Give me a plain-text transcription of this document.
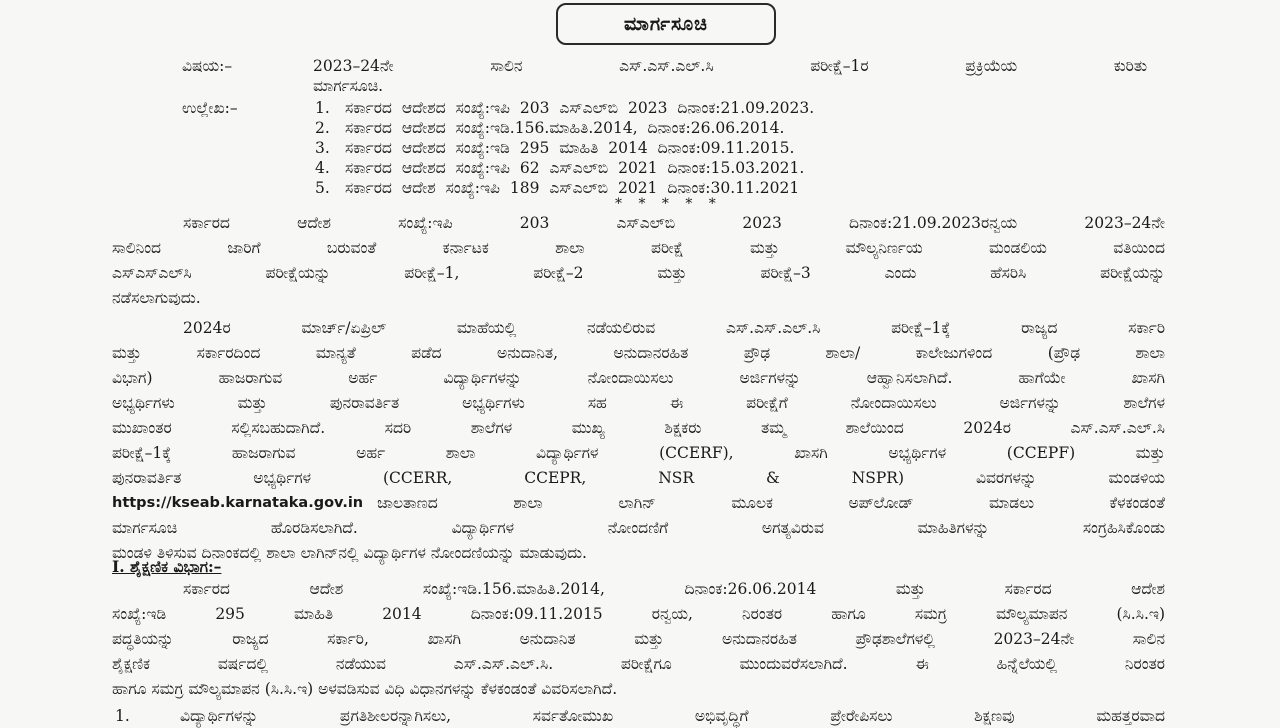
ಮಾರ್ಗಸೂಚಿ
ವಿಷಯ:–	2023–24ನೇ ಸಾಲಿನ ಎಸ್.ಎಸ್.ಎಲ್.ಸಿ ಪರೀಕ್ಷೆ–1ರ ಪ್ರಕ್ರಿಯೆಯ ಕುರಿತು
ಮಾರ್ಗಸೂಚಿ.
ಉಲ್ಲೇಖ:–	1. ಸರ್ಕಾರದ ಆದೇಶದ ಸಂಖ್ಯೆ:ಇಪಿ 203 ಎಸ್‌ಎಲ್‌ಬಿ 2023 ದಿನಾಂಕ:21.09.2023.
2. ಸರ್ಕಾರದ ಆದೇಶದ ಸಂಖ್ಯೆ:ಇಡಿ.156.ಮಾಹಿತಿ.2014, ದಿನಾಂಕ:26.06.2014.
3. ಸರ್ಕಾರದ ಆದೇಶದ ಸಂಖ್ಯೆ:ಇಡಿ 295 ಮಾಹಿತಿ 2014 ದಿನಾಂಕ:09.11.2015.
4. ಸರ್ಕಾರದ ಆದೇಶದ ಸಂಖ್ಯೆ:ಇಪಿ 62 ಎಸ್‌ಎಲ್‌ಬಿ 2021 ದಿನಾಂಕ:15.03.2021.
5. ಸರ್ಕಾರದ ಆದೇಶ ಸಂಖ್ಯೆ:ಇಪಿ 189 ಎಸ್‌ಎಲ್‌ಬಿ 2021 ದಿನಾಂಕ:30.11.2021
* * * * *
ಸರ್ಕಾರದ ಆದೇಶ ಸಂಖ್ಯೆ:ಇಪಿ 203 ಎಸ್‌ಎಲ್‌ಬಿ 2023 ದಿನಾಂಕ:21.09.2023ರನ್ವಯ 2023–24ನೇ
ಸಾಲಿನಿಂದ ಜಾರಿಗೆ ಬರುವಂತೆ ಕರ್ನಾಟಕ ಶಾಲಾ ಪರೀಕ್ಷೆ ಮತ್ತು ಮೌಲ್ಯನಿರ್ಣಯ ಮಂಡಲಿಯ ವತಿಯಿಂದ
ಎಸ್‌ಎಸ್‌ಎಲ್‌ಸಿ ಪರೀಕ್ಷೆಯನ್ನು ಪರೀಕ್ಷೆ–1, ಪರೀಕ್ಷೆ–2 ಮತ್ತು ಪರೀಕ್ಷೆ–3 ಎಂದು ಹೆಸರಿಸಿ ಪರೀಕ್ಷೆಯನ್ನು
ನಡೆಸಲಾಗುವುದು.
2024ರ ಮಾರ್ಚ್/ಏಪ್ರಿಲ್ ಮಾಹೆಯಲ್ಲಿ ನಡೆಯಲಿರುವ ಎಸ್.ಎಸ್.ಎಲ್.ಸಿ ಪರೀಕ್ಷೆ–1ಕ್ಕೆ ರಾಜ್ಯದ ಸರ್ಕಾರಿ
ಮತ್ತು ಸರ್ಕಾರದಿಂದ ಮಾನ್ಯತೆ ಪಡೆದ ಅನುದಾನಿತ, ಅನುದಾನರಹಿತ ಪ್ರೌಢ ಶಾಲಾ/ ಕಾಲೇಜುಗಳಿಂದ (ಪ್ರೌಢ ಶಾಲಾ
ವಿಭಾಗ) ಹಾಜರಾಗುವ ಅರ್ಹ ವಿದ್ಯಾರ್ಥಿಗಳನ್ನು ನೋಂದಾಯಿಸಲು ಅರ್ಜಿಗಳನ್ನು ಆಹ್ವಾನಿಸಲಾಗಿದೆ. ಹಾಗೆಯೇ ಖಾಸಗಿ
ಅಭ್ಯರ್ಥಿಗಳು ಮತ್ತು ಪುನರಾವರ್ತಿತ ಅಭ್ಯರ್ಥಿಗಳು ಸಹ ಈ ಪರೀಕ್ಷೆಗೆ ನೋಂದಾಯಿಸಲು ಅರ್ಜಿಗಳನ್ನು ಶಾಲೆಗಳ
ಮುಖಾಂತರ ಸಲ್ಲಿಸಬಹುದಾಗಿದೆ. ಸದರಿ ಶಾಲೆಗಳ ಮುಖ್ಯ ಶಿಕ್ಷಕರು ತಮ್ಮ ಶಾಲೆಯಿಂದ 2024ರ ಎಸ್.ಎಸ್.ಎಲ್.ಸಿ
ಪರೀಕ್ಷೆ–1ಕ್ಕೆ ಹಾಜರಾಗುವ ಅರ್ಹ ಶಾಲಾ ವಿದ್ಯಾರ್ಥಿಗಳ (CCERF), ಖಾಸಗಿ ಅಭ್ಯರ್ಥಿಗಳ (CCEPF) ಮತ್ತು
ಪುನರಾವರ್ತಿತ ಅಭ್ಯರ್ಥಿಗಳ (CCERR, CCEPR, NSR & NSPR) ವಿವರಗಳನ್ನು ಮಂಡಳಿಯ
https://kseab.karnataka.gov.in ಜಾಲತಾಣದ ಶಾಲಾ ಲಾಗಿನ್ ಮೂಲಕ ಅಪ್‌ಲೋಡ್ ಮಾಡಲು ಕೆಳಕಂಡಂತೆ
ಮಾರ್ಗಸೂಚಿ ಹೊರಡಿಸಲಾಗಿದೆ. ವಿದ್ಯಾರ್ಥಿಗಳ ನೋಂದಣಿಗೆ ಅಗತ್ಯವಿರುವ ಮಾಹಿತಿಗಳನ್ನು ಸಂಗ್ರಹಿಸಿಕೊಂಡು
ಮಂಡಳಿ ತಿಳಿಸುವ ದಿನಾಂಕದಲ್ಲಿ ಶಾಲಾ ಲಾಗಿನ್‌ನಲ್ಲಿ ವಿದ್ಯಾರ್ಥಿಗಳ ನೋಂದಣಿಯನ್ನು ಮಾಡುವುದು.
I. ಶೈಕ್ಷಣಿಕ ವಿಭಾಗ:–
ಸರ್ಕಾರದ ಆದೇಶ ಸಂಖ್ಯೆ:ಇಡಿ.156.ಮಾಹಿತಿ.2014, ದಿನಾಂಕ:26.06.2014 ಮತ್ತು ಸರ್ಕಾರದ ಆದೇಶ
ಸಂಖ್ಯೆ:ಇಡಿ 295 ಮಾಹಿತಿ 2014 ದಿನಾಂಕ:09.11.2015 ರನ್ವಯ, ನಿರಂತರ ಹಾಗೂ ಸಮಗ್ರ ಮೌಲ್ಯಮಾಪನ (ಸಿ.ಸಿ.ಇ)
ಪದ್ಧತಿಯನ್ನು ರಾಜ್ಯದ ಸರ್ಕಾರಿ, ಖಾಸಗಿ ಅನುದಾನಿತ ಮತ್ತು ಅನುದಾನರಹಿತ ಪ್ರೌಢಶಾಲೆಗಳಲ್ಲಿ 2023–24ನೇ ಸಾಲಿನ
ಶೈಕ್ಷಣಿಕ ವರ್ಷದಲ್ಲಿ ನಡೆಯುವ ಎಸ್.ಎಸ್.ಎಲ್.ಸಿ. ಪರೀಕ್ಷೆಗೂ ಮುಂದುವರೆಸಲಾಗಿದೆ. ಈ ಹಿನ್ನೆಲೆಯಲ್ಲಿ ನಿರಂತರ
ಹಾಗೂ ಸಮಗ್ರ ಮೌಲ್ಯಮಾಪನ (ಸಿ.ಸಿ.ಇ) ಅಳವಡಿಸುವ ವಿಧಿ ವಿಧಾನಗಳನ್ನು ಕೆಳಕಂಡಂತೆ ವಿವರಿಸಲಾಗಿದೆ.
1.	ವಿದ್ಯಾರ್ಥಿಗಳನ್ನು ಪ್ರಗತಿಶೀಲರನ್ನಾಗಿಸಲು, ಸರ್ವತೋಮುಖ ಅಭಿವೃದ್ಧಿಗೆ ಪ್ರೇರೇಪಿಸಲು ಶಿಕ್ಷಣವು ಮಹತ್ತರವಾದ
